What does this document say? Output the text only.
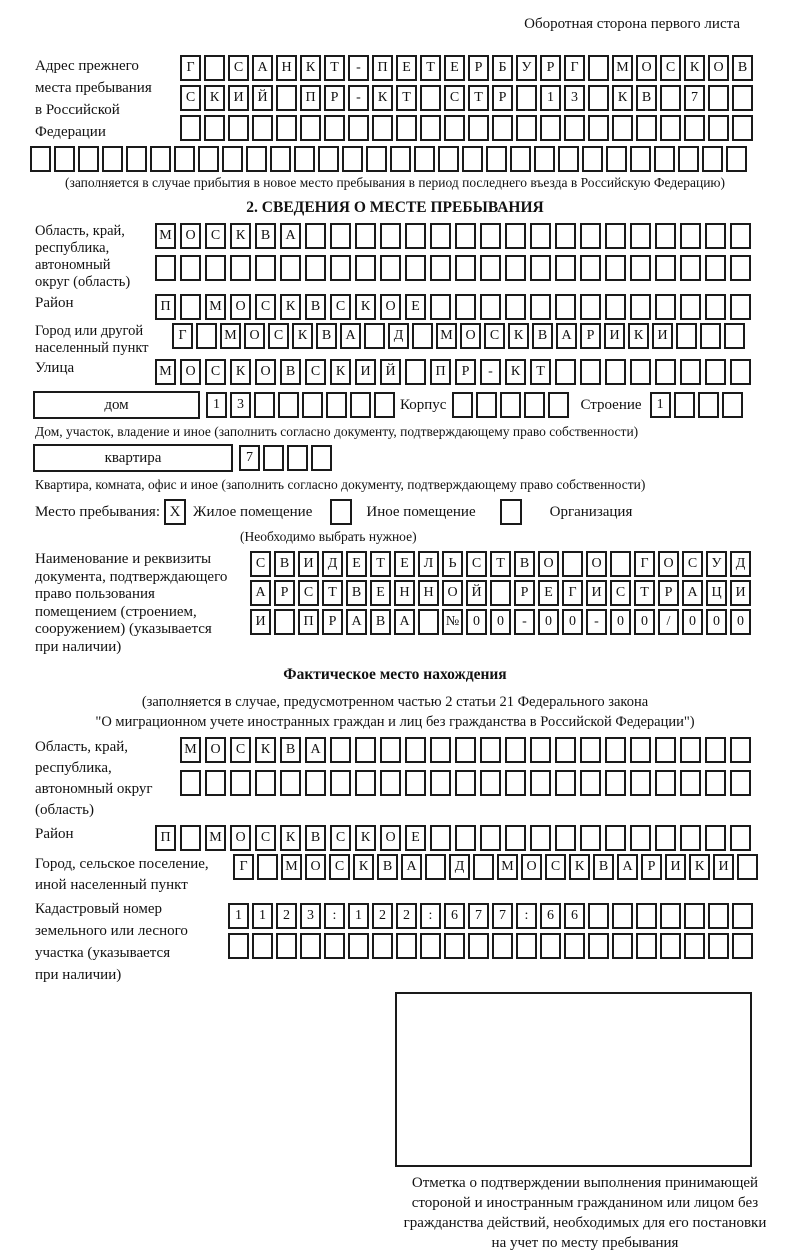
Оборотная сторона первого листа
Адрес прежнего
места пребывания
в Российской
Федерации
Г	С А Н К Т - П Е Т Е Р Б У Р Г	М О С К О В
С К И Й	П Р - К Т	С Т Р	1 3	К В	7
(заполняется в случае прибытия в новое место пребывания в период последнего въезда в Российскую Федерацию)
2. СВЕДЕНИЯ О МЕСТЕ ПРЕБЫВАНИЯ
Область, край,
республика,
автономный
округ (область)
М О С К В А
Район	П	М О С К В С К О Е
Город или другой
населенный пункт
Г	М О С К В А	Д	М О С К В А Р И К И
Улица	М О С К О В С К И Й	П Р - К Т
дом	1 3	Корпус	Строение	1
Дом, участок, владение и иное (заполнить согласно документу, подтверждающему право собственности)
квартира	7
Квартира, комната, офис и иное (заполнить согласно документу, подтверждающему право собственности)
Место пребывания: X Жилое помещение	Иное помещение	Организация
(Необходимо выбрать нужное)
Наименование и реквизиты
документа, подтверждающего
право пользования
помещением (строением,
сооружением) (указывается
при наличии)
С В И Д Е Т Е Л Ь С Т В О	О	Г О С У Д
А Р С Т В Е Н Н О Й	Р Е Г И С Т Р А Ц И
И	П Р А В А	№ 0 0 - 0 0 - 0 0 / 0 0 0
Фактическое место нахождения
(заполняется в случае, предусмотренном частью 2 статьи 21 Федерального закона
"О миграционном учете иностранных граждан и лиц без гражданства в Российской Федерации")
Область, край,
республика,
автономный округ
(область)
М О С К В А
Район	П	М О С К В С К О Е
Город, сельское поселение,
иной населенный пункт
Г	М О С К В А	Д	М О С К В А Р И К И
Кадастровый номер
земельного или лесного
участка (указывается
при наличии)
1 1 2 3 : 1 2 2 : 6 7 7 : 6 6
Отметка о подтверждении выполнения принимающей
стороной и иностранным гражданином или лицом без
гражданства действий, необходимых для его постановки
на учет по месту пребывания
